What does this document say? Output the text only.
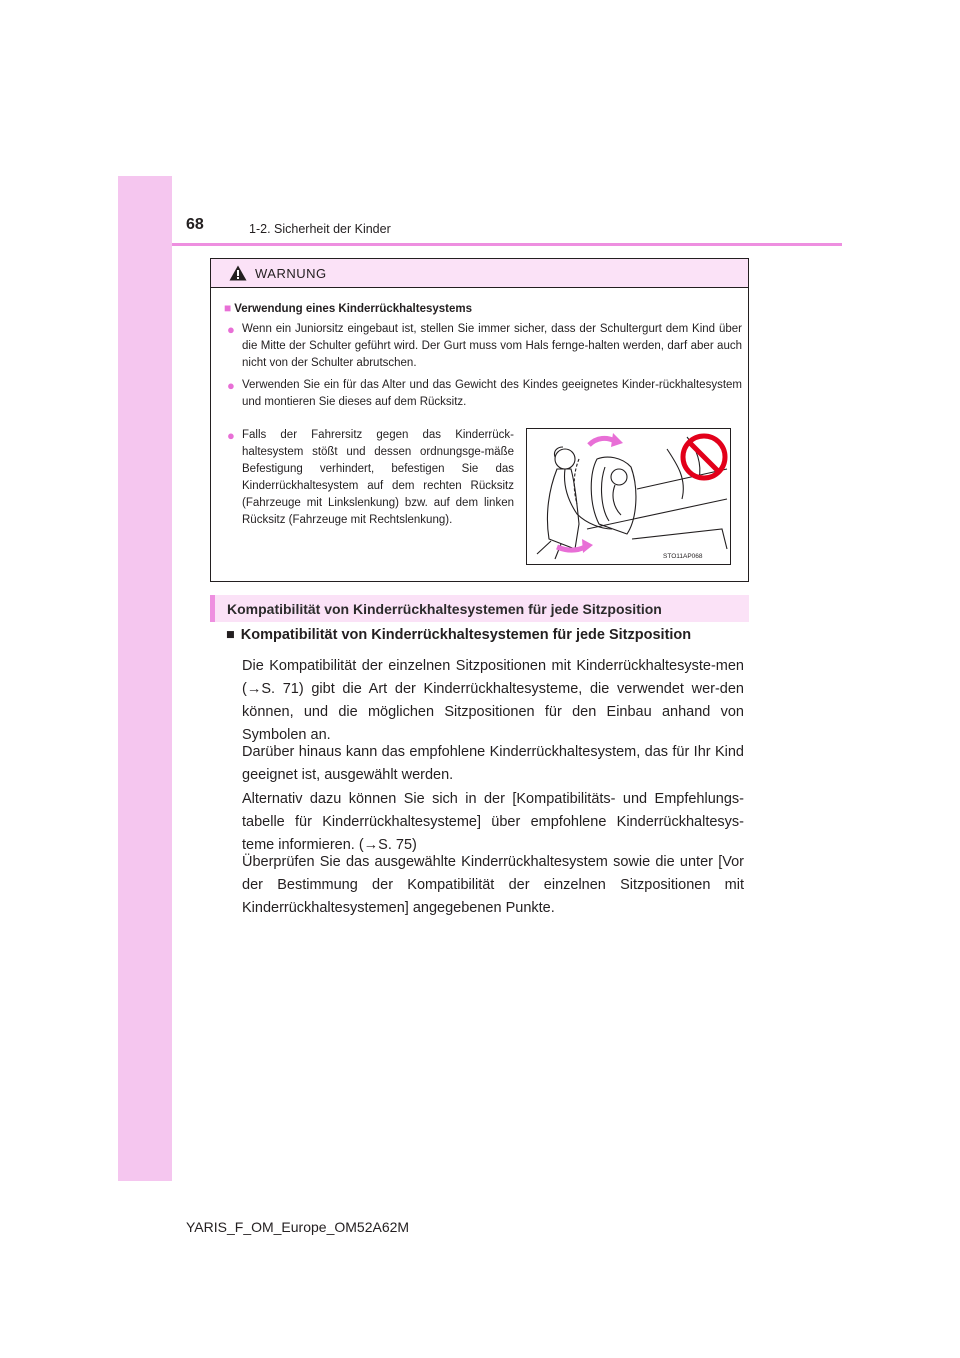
68	1-2. Sicherheit der Kinder
WARNUNG
■ Verwendung eines Kinderrückhaltesystems
● Wenn ein Juniorsitz eingebaut ist, stellen Sie immer sicher, dass der Schultergurt dem Kind über die Mitte der Schulter geführt wird. Der Gurt muss vom Hals fernge-halten werden, darf aber auch nicht von der Schulter abrutschen.
● Verwenden Sie ein für das Alter und das Gewicht des Kindes geeignetes Kinder-rückhaltesystem und montieren Sie dieses auf dem Rücksitz.
● Falls der Fahrersitz gegen das Kinderrück-haltesystem stößt und dessen ordnungsge-mäße Befestigung verhindert, befestigen Sie das Kinderrückhaltesystem auf dem rechten Rücksitz (Fahrzeuge mit Linkslenkung) bzw. auf dem linken Rücksitz (Fahrzeuge mit Rechtslenkung).
STO11AP068
Kompatibilität von Kinderrückhaltesystemen für jede Sitzposition
■ Kompatibilität von Kinderrückhaltesystemen für jede Sitzposition
Die Kompatibilität der einzelnen Sitzpositionen mit Kinderrückhaltesyste-men (→S. 71) gibt die Art der Kinderrückhaltesysteme, die verwendet wer-den können, und die möglichen Sitzpositionen für den Einbau anhand von Symbolen an.
Darüber hinaus kann das empfohlene Kinderrückhaltesystem, das für Ihr Kind geeignet ist, ausgewählt werden.
Alternativ dazu können Sie sich in der [Kompatibilitäts- und Empfehlungs-tabelle für Kinderrückhaltesysteme] über empfohlene Kinderrückhaltesys-teme informieren. (→S. 75)
Überprüfen Sie das ausgewählte Kinderrückhaltesystem sowie die unter [Vor der Bestimmung der Kompatibilität der einzelnen Sitzpositionen mit Kinderrückhaltesystemen] angegebenen Punkte.
YARIS_F_OM_Europe_OM52A62M
